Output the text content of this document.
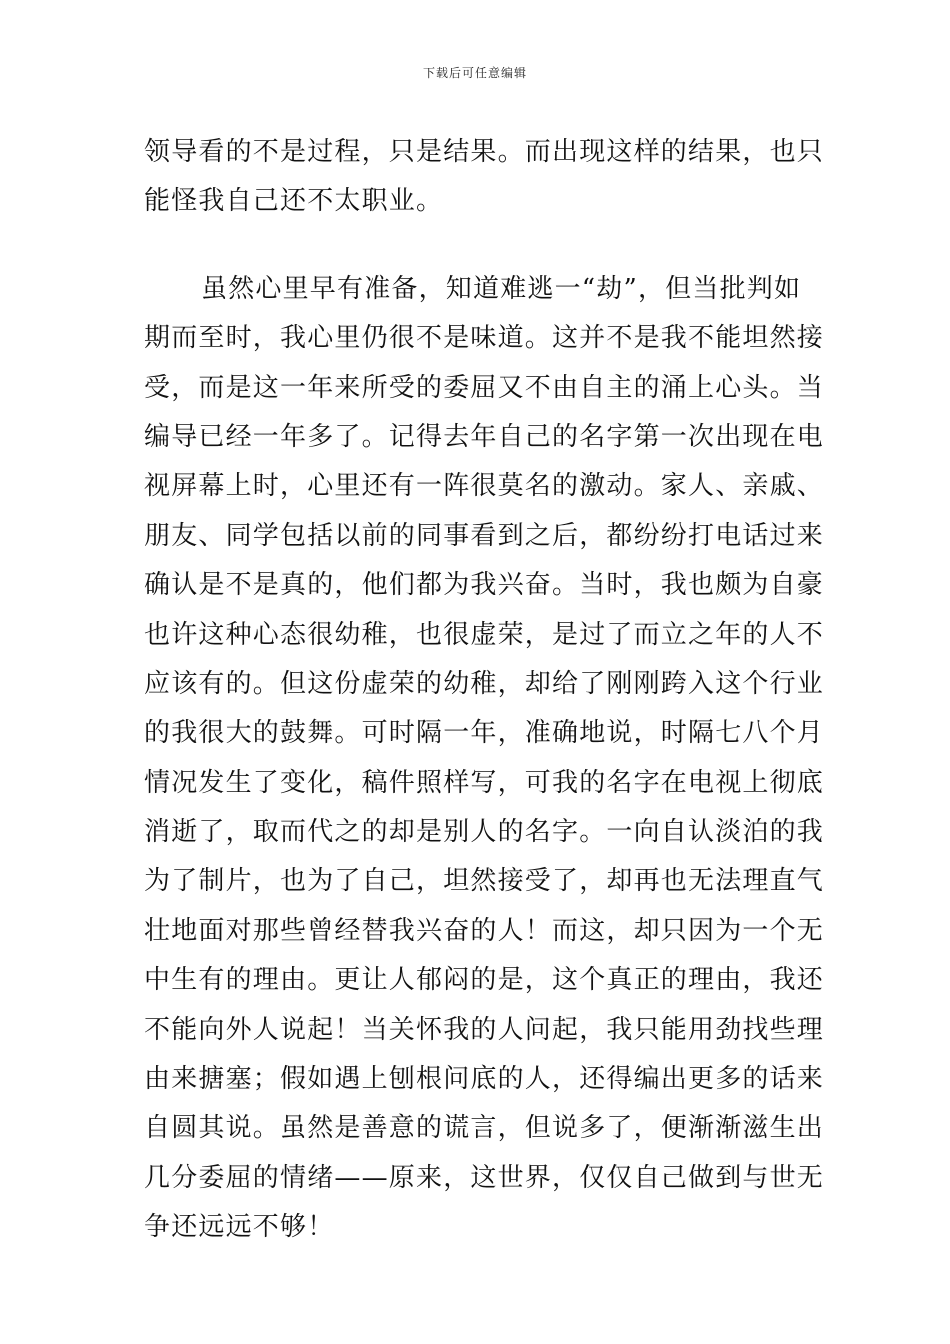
下载后可任意编辑
领导看的不是过程，只是结果。而出现这样的结果，也只
能怪我自己还不太职业。
虽然心里早有准备，知道难逃一“劫”，但当批判如
期而至时，我心里仍很不是味道。这并不是我不能坦然接
受，而是这一年来所受的委屈又不由自主的涌上心头。当
编导已经一年多了。记得去年自己的名字第一次出现在电
视屏幕上时，心里还有一阵很莫名的激动。家人、亲戚、
朋友、同学包括以前的同事看到之后，都纷纷打电话过来
确认是不是真的，他们都为我兴奋。当时，我也颇为自豪
也许这种心态很幼稚，也很虚荣，是过了而立之年的人不
应该有的。但这份虚荣的幼稚，却给了刚刚跨入这个行业
的我很大的鼓舞。可时隔一年，准确地说，时隔七八个月
情况发生了变化，稿件照样写，可我的名字在电视上彻底
消逝了，取而代之的却是别人的名字。一向自认淡泊的我
为了制片，也为了自己，坦然接受了，却再也无法理直气
壮地面对那些曾经替我兴奋的人！而这，却只因为一个无
中生有的理由。更让人郁闷的是，这个真正的理由，我还
不能向外人说起！当关怀我的人问起，我只能用劲找些理
由来搪塞；假如遇上刨根问底的人，还得编出更多的话来
自圆其说。虽然是善意的谎言，但说多了，便渐渐滋生出
几分委屈的情绪——原来，这世界，仅仅自己做到与世无
争还远远不够！
